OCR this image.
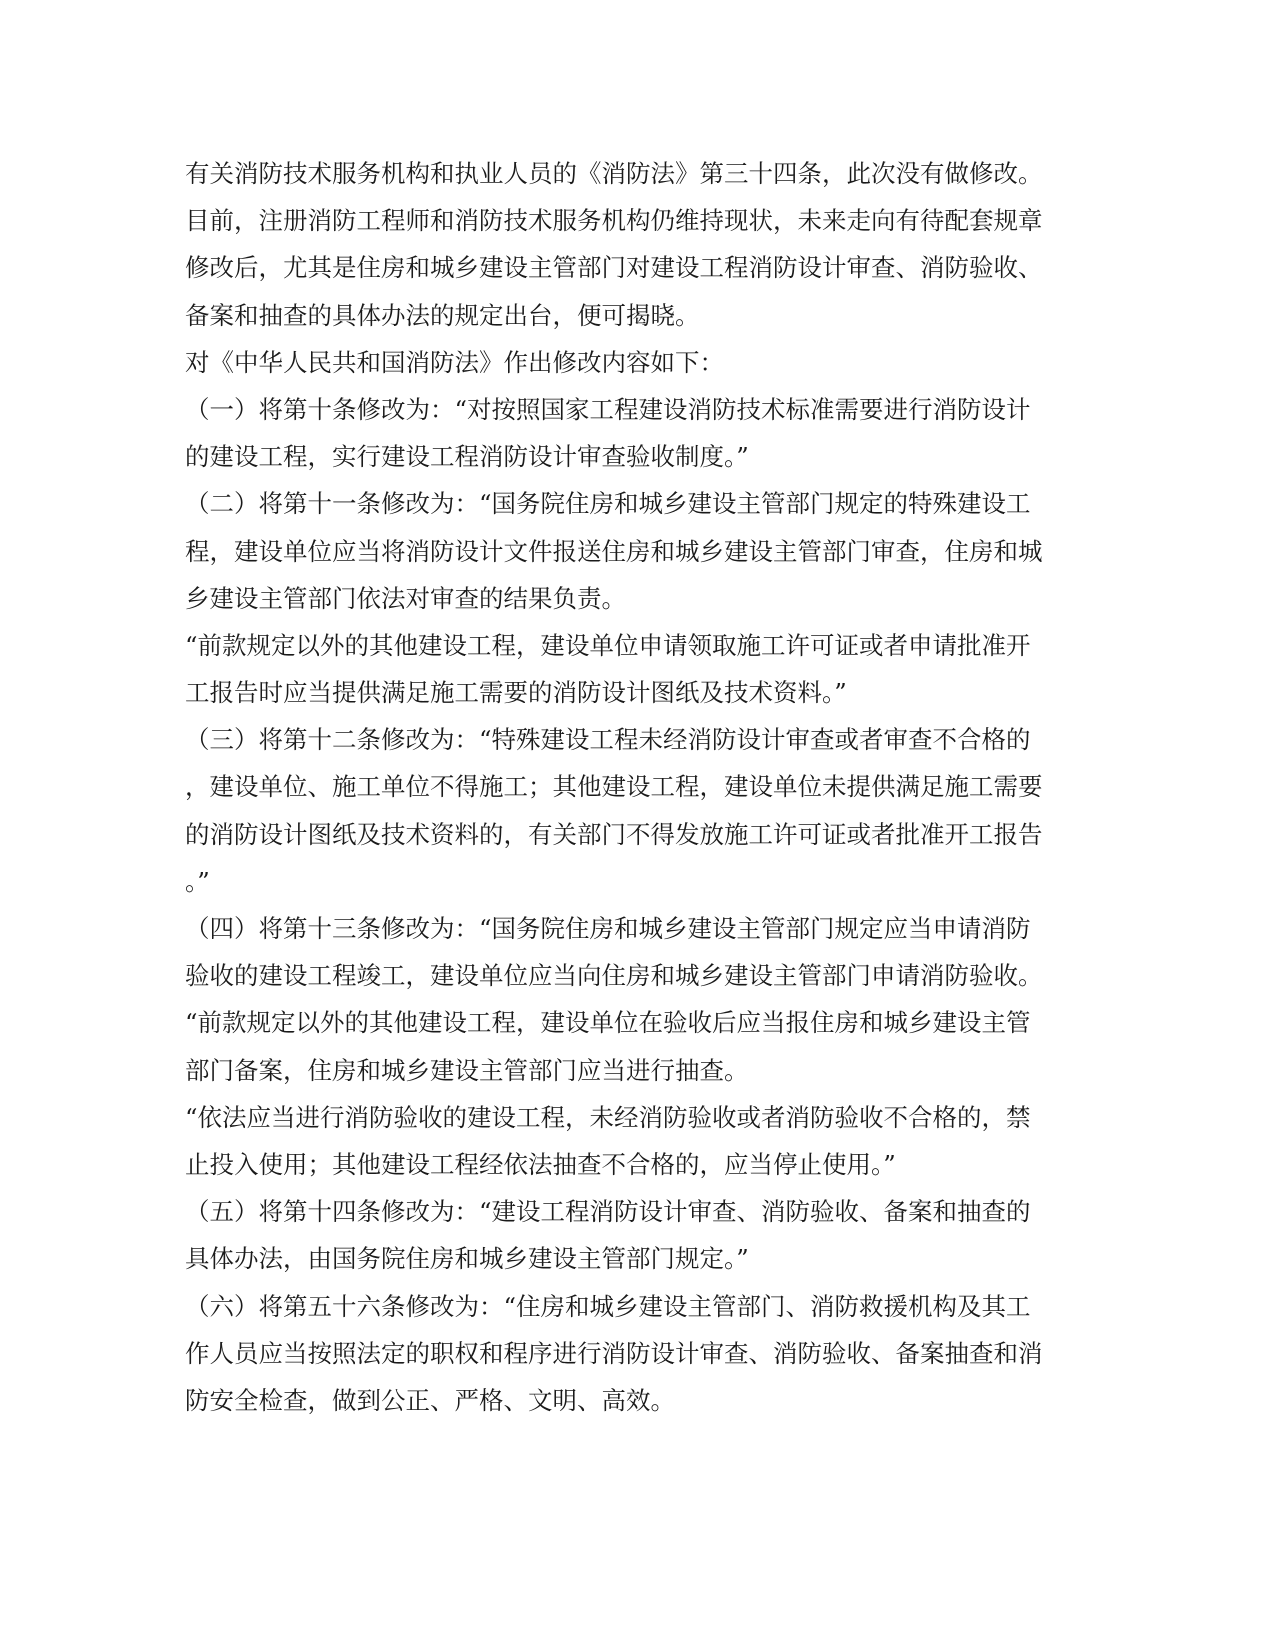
有关消防技术服务机构和执业人员的《消防法》第三十四条，此次没有做修改。
目前，注册消防工程师和消防技术服务机构仍维持现状，未来走向有待配套规章
修改后，尤其是住房和城乡建设主管部门对建设工程消防设计审查、消防验收、
备案和抽查的具体办法的规定出台，便可揭晓。
对《中华人民共和国消防法》作出修改内容如下：
（一）将第十条修改为：“对按照国家工程建设消防技术标准需要进行消防设计
的建设工程，实行建设工程消防设计审查验收制度。”
（二）将第十一条修改为：“国务院住房和城乡建设主管部门规定的特殊建设工
程，建设单位应当将消防设计文件报送住房和城乡建设主管部门审查，住房和城
乡建设主管部门依法对审查的结果负责。
“前款规定以外的其他建设工程，建设单位申请领取施工许可证或者申请批准开
工报告时应当提供满足施工需要的消防设计图纸及技术资料。”
（三）将第十二条修改为：“特殊建设工程未经消防设计审查或者审查不合格的
，建设单位、施工单位不得施工；其他建设工程，建设单位未提供满足施工需要
的消防设计图纸及技术资料的，有关部门不得发放施工许可证或者批准开工报告
。”
（四）将第十三条修改为：“国务院住房和城乡建设主管部门规定应当申请消防
验收的建设工程竣工，建设单位应当向住房和城乡建设主管部门申请消防验收。
“前款规定以外的其他建设工程，建设单位在验收后应当报住房和城乡建设主管
部门备案，住房和城乡建设主管部门应当进行抽查。
“依法应当进行消防验收的建设工程，未经消防验收或者消防验收不合格的，禁
止投入使用；其他建设工程经依法抽查不合格的，应当停止使用。”
（五）将第十四条修改为：“建设工程消防设计审查、消防验收、备案和抽查的
具体办法，由国务院住房和城乡建设主管部门规定。”
（六）将第五十六条修改为：“住房和城乡建设主管部门、消防救援机构及其工
作人员应当按照法定的职权和程序进行消防设计审查、消防验收、备案抽查和消
防安全检查，做到公正、严格、文明、高效。
